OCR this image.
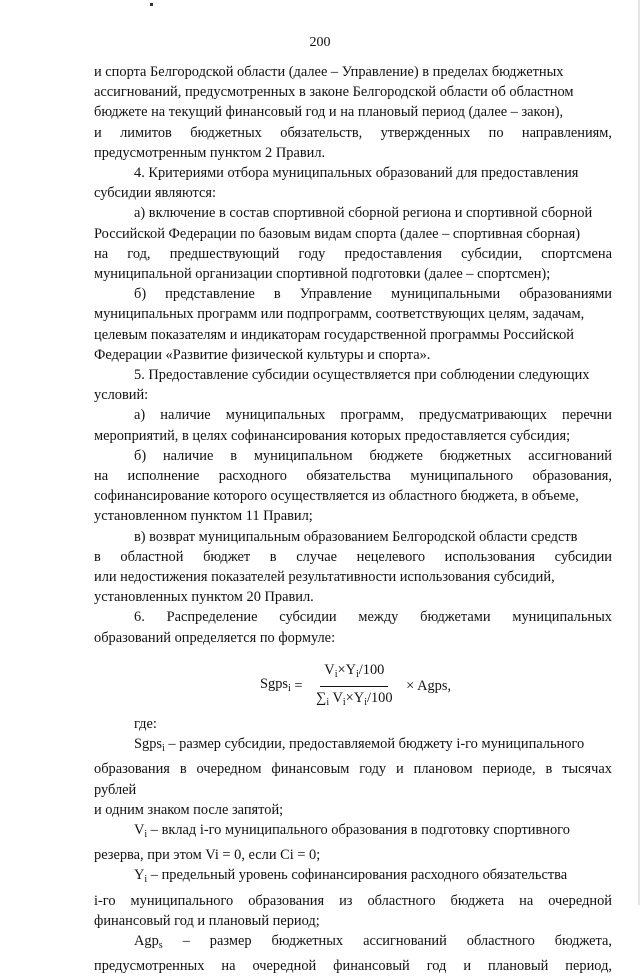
200

и спорта Белгородской области (далее – Управление) в пределах бюджетных

ассигнований, предусмотренных в законе Белгородской области об областном

бюджете на текущий финансовый год и на плановый период (далее – закон),

и лимитов бюджетных обязательств, утвержденных по направлениям,

предусмотренным пунктом 2 Правил.

4. Критериями отбора муниципальных образований для предоставления

субсидии являются:

а) включение в состав спортивной сборной региона и спортивной сборной

Российской Федерации по базовым видам спорта (далее – спортивная сборная)

на год, предшествующий году предоставления субсидии, спортсмена

муниципальной организации спортивной подготовки (далее – спортсмен);

б) представление в Управление муниципальными образованиями

муниципальных программ или подпрограмм, соответствующих целям, задачам,

целевым показателям и индикаторам государственной программы Российской

Федерации «Развитие физической культуры и спорта».

5. Предоставление субсидии осуществляется при соблюдении следующих

условий:

а) наличие муниципальных программ, предусматривающих перечни

мероприятий, в целях софинансирования которых предоставляется субсидия;

б) наличие в муниципальном бюджете бюджетных ассигнований

на исполнение расходного обязательства муниципального образования,

софинансирование которого осуществляется из областного бюджета, в объеме,

установленном пунктом 11 Правил;

в) возврат муниципальным образованием Белгородской области средств

в областной бюджет в случае нецелевого использования субсидии

или недостижения показателей результативности использования субсидий,

установленных пунктом 20 Правил.

6. Распределение субсидии между бюджетами муниципальных

образований определяется по формуле:

Sgps$_i$ = $\frac{V_i\times Y_i/100}{\sum_i V_i\times Y_i/100}$ × Agps,

где:

Sgps$_i$ – размер субсидии, предоставляемой бюджету i-го муниципального

образования в очередном финансовым году и плановом периоде, в тысячах

рублей

и одним знаком после запятой;

$V_i$ – вклад i-го муниципального образования в подготовку спортивного

резерва, при этом Vi = 0, если Ci = 0;

$Y_i$ – предельный уровень софинансирования расходного обязательства

i-го муниципального образования из областного бюджета на очередной

финансовый год и плановый период;

Agp$_s$ – размер бюджетных ассигнований областного бюджета,

предусмотренных на очередной финансовый год и плановый период,
